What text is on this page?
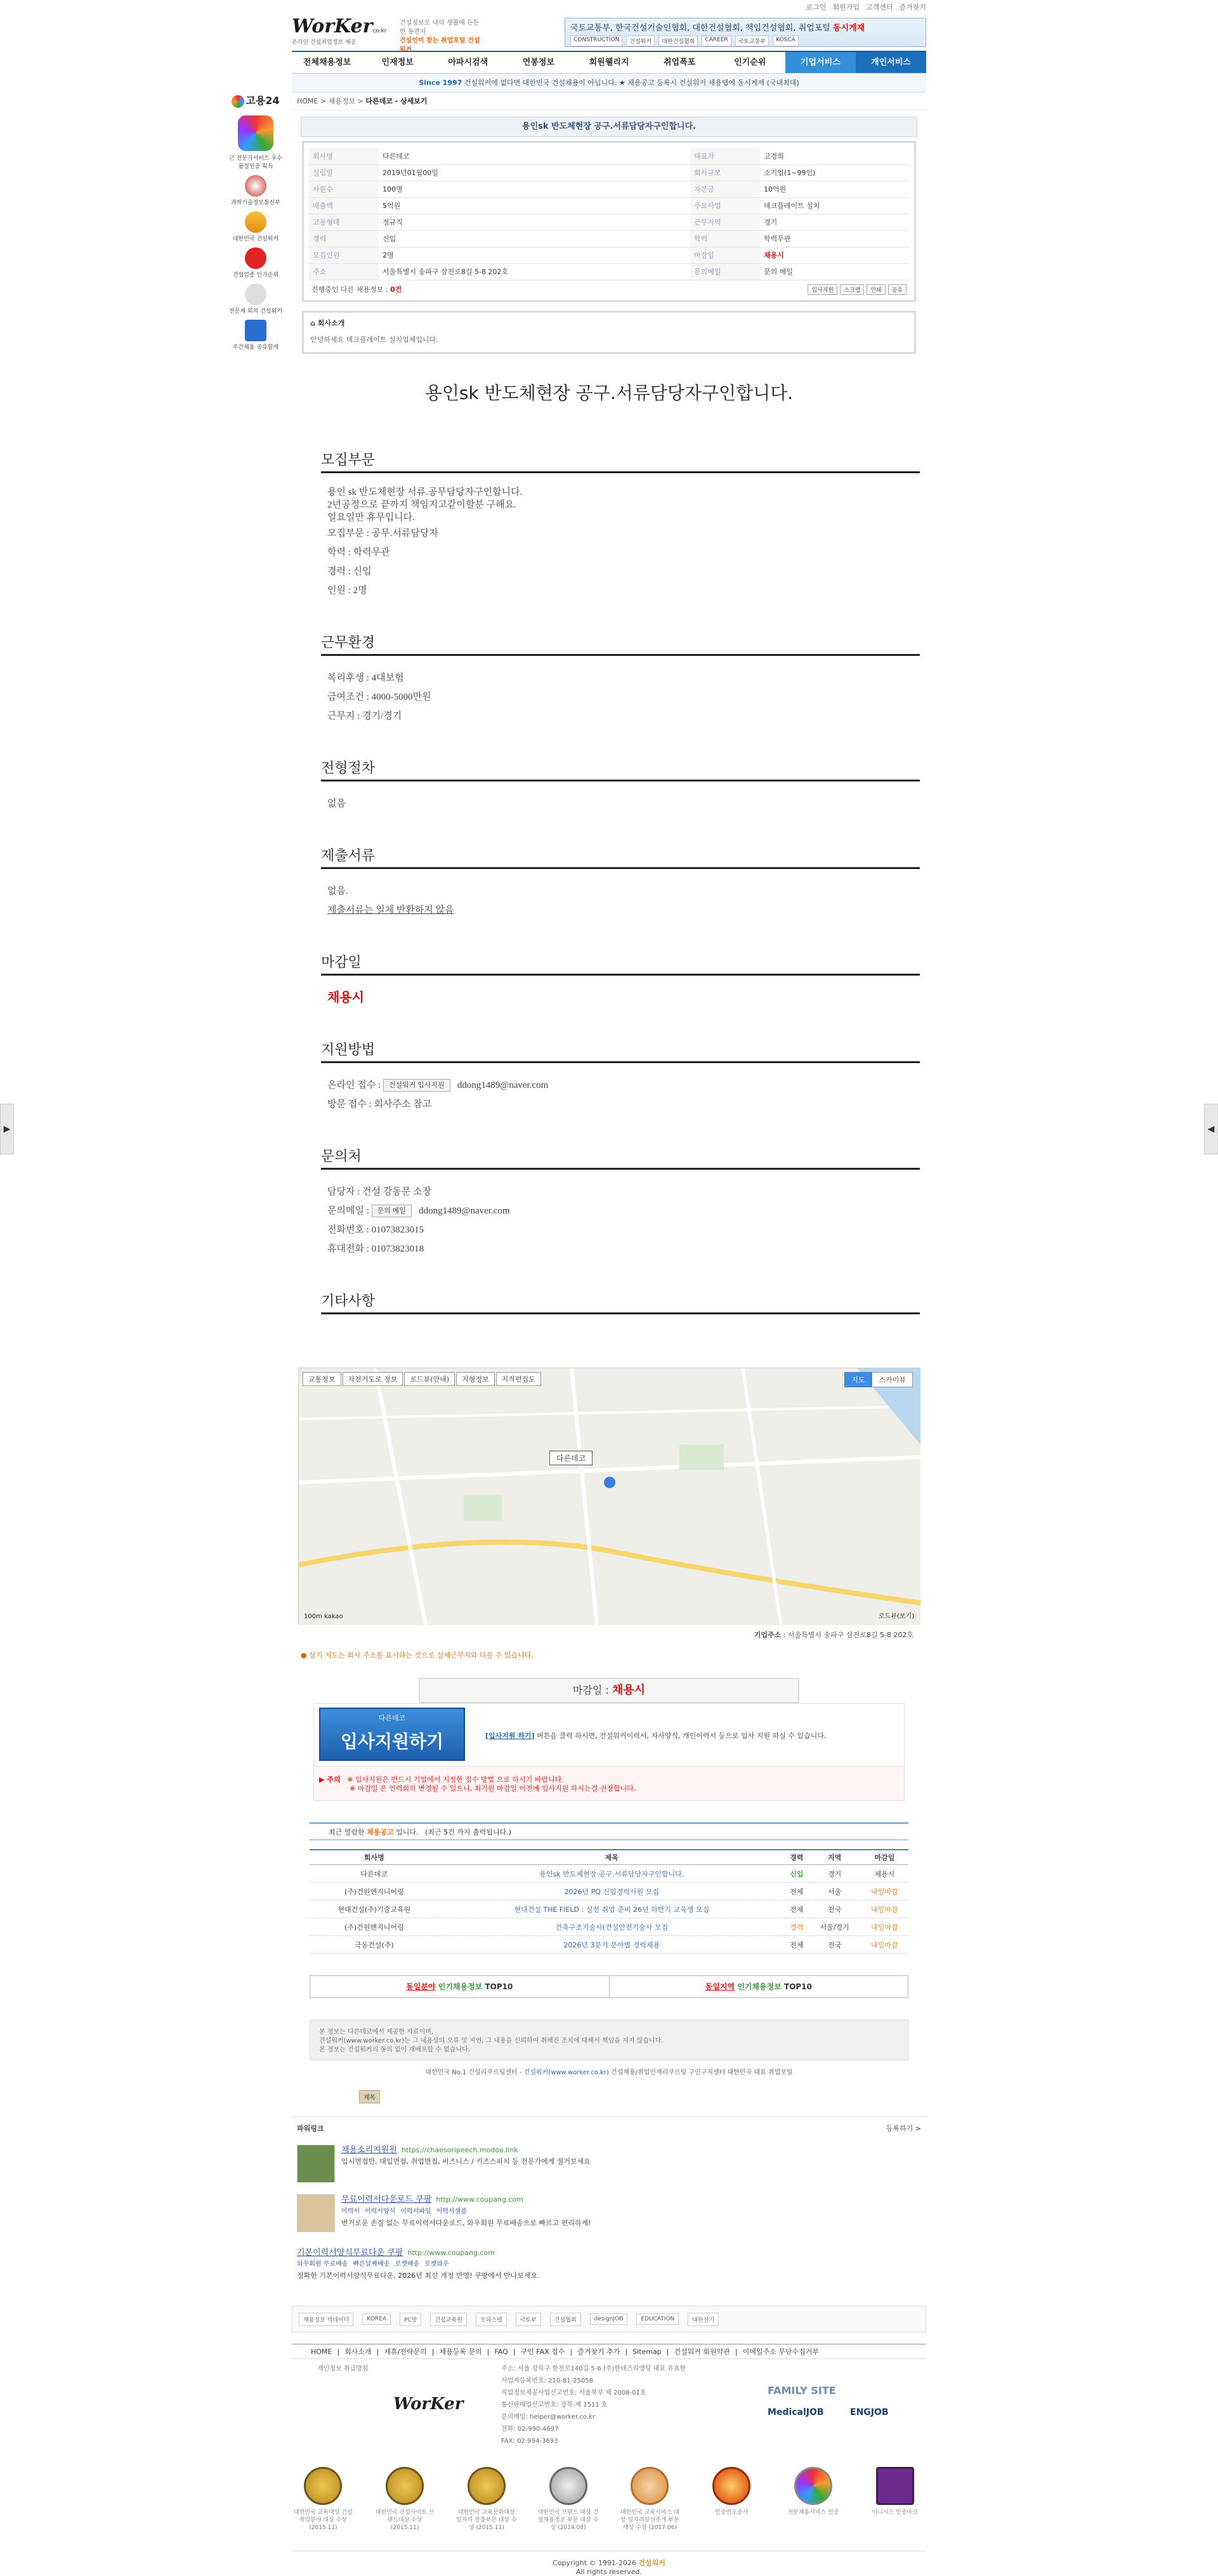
고용24
근 전문가서비스 우수품질인증 획득
과학기술정보통신부
대한민국 건설워커
건설업종 인가순위
전문제 외의 건설워커
주간채용 공유할게
▶	◀
로그인 회원가입 고객센터 즐겨찾기
WorKerco.kr
온라인 건설취업정보 제공
건설정보로 나의 생활에 든든한 동반자
건설인이 찾는 취업포털 건설워커
국토교통부, 한국건설기술인협회, 대한건설협회, 책임건설협회, 취업포털 동시게재
CONSTRUCTION	건설워커	대한건설협회	CAREER	국토교통부	KOSCA
전체채용정보	인재정보	아파시검색	연봉정보	회원웰리지	취업폭포	인기순위	기업서비스	개인서비스
Since 1997 건설워커에 없다면 대한민국 건설채용이 아닙니다. ★ 채용공고 등록시 건설워커 채용탭에 동시게재 (국내최대)
HOME > 채용정보 > 다른데코 - 상세보기
용인sk 반도체현장 공구.서류담당자구인합니다.
회사명	다른데코	대표자	고경희
설립일	2019년01월00일	회사규모	소기업(1~99인)
사원수	100명	자본금	10억원
매출액	5억원	주요사업	데크플레이트 설치
고용형태	정규직	근무지역	경기
경력	신입	학력	학력무관
모집인원	2명	마감일	채용시
주소	서울특별시 송파구 삼전로8길 5-8 202호	문의메일	문의 메일
진행중인 다른 채용정보 : 0건	입사지원	스크랩	인쇄	공유
⌂ 회사소개
안녕하세요 데크플레이트 설치업체입니다.
용인sk 반도체현장 공구.서류담당자구인합니다.
모집부문
용인 sk 반도체현장 서류.공무담당자구인합니다.
2년공정으로 끝까지 책임지고같이할분 구해요.
일요일만 휴무입니다.
모집부문 : 공무.서류담당자
학력 : 학력무관
경력 : 신입
인원 : 2명
근무환경
복리후생 : 4대보험
급여조건 : 4000-5000만원
근무지 : 경기/경기
전형절차
없음
제출서류
없음.
제출서류는 일체 반환하지 않음
마감일
채용시
지원방법
온라인 접수 : 건설워커 입사지원 ddong1489@naver.com
방문 접수 : 회사주소 참고
문의처
담당자 : 건설 강동문 소장
문의메일 : 문의 메일 ddong1489@naver.com
전화번호 : 01073823015
휴대전화 : 01073823018
기타사항
교통정보	자전거도로 정보	로드뷰(안내)	지형정보	지적편집도	지도	스카이뷰
다른데코
100m kakao	로드뷰(보기)
기업주소 : 서울특별시 송파구 삼전로8길 5-8 202호
● 상기 지도는 회사 주소를 표시하는 것으로 실제근무지와 다를 수 있습니다.
마감일 : 채용시
다른데코
입사지원하기	[입사지원 하기] 버튼을 클릭 하시면, 건설워커이력서, 자사양식, 개인이력서 등으로 입사 지원 하실 수 있습니다.
▶ 주의 ※ 입사지원은 반드시 기업에서 지정한 접수 방법 으로 하시기 바랍니다.
※ 마감일 은 인력회의 변경될 수 있으니, 최기원 마감일 이전에 입사지원 하시는걸 권장합니다.
최근 열람한 채용공고 입니다. (최근 5건 까지 출력됩니다.)
회사명	제목	경력	지역	마감일
다른데코	용인sk 반도체현장 공구.서류담당자구인합니다.	신입	경기	채용시
(주)건원엔지니어링	2026년 PQ 신입경력사원 모집	전체	서울	내일마감
현대건설(주)기술교육원	현대건설 THE FIELD : 실전 취업 준비 26년 하반기 교육생 모집	전체	전국	내일마감
(주)건원엔지니어링	건축구조기술사(건설안전기술사 모집	경력	서울/경기	내일마감
극동건설(주)	2026년 3분기 분야별 경력채용	전체	전국	내일마감
동일분야 인기채용정보 TOP10	동일지역 인기채용정보 TOP10
본 정보는 다른데코에서 제공한 자료이며,
건설워커(www.worker.co.kr)는 그 내용상의 오류 및 지연, 그 내용을 신뢰하여 취해진 조치에 대해서 책임을 지지 않습니다.
본 정보는 건설워커의 동의 없이 재배포할 수 없습니다.
대한민국 No.1 건설리쿠르팅센터 - 건설워커(www.worker.co.kr) 건설채용/취업인재리쿠르팅 구인구직센터 대한민국 대표 취업포털
제목
파워링크	등록하기 >
채용소리지원원 https://chaesoripeech.modoo.link
입시면접반, 대입면접, 취업면접, 비즈니스 / 키즈스피치 등 전문가에게 절거보세요
무료이력서다운로드 쿠팡 http://www.coupang.com
이력서 이력서양식 이력서파일 이력서샘플
번거로운 손질 없는 무료이력서다운로드, 와우회원 무료배송으로 빠르고 편리하게!
기본이력서양식무료다운 쿠팡 http://www.coupang.com
와우회원 무료배송 빠른날짜배송 로켓배송 로켓와우
정확한 기본이력서양식무료다운, 2026년 최신 개정 반영! 쿠팡에서 만나보세요.
채용정보 빅데이터	KOREA	PC방	건설교육원	오피스텔	국토부	건설협회	designJOB	EDUCATION	대한전기
HOME | 회사소개 | 제휴/전략문의 | 채용등록 문의 | FAQ | 구인 FAX 접수 | 즐겨찾기 추가 | Sitemap | 건설워커 회원약관 | 이메일주소 무단수집거부
개인정보 취급방침
WorKer
주소: 서울 강북구 한천로140길 5-6 (주)한테즈리앵팅 대표 유효한
사업자등록번호: 210-81-25058
직업정보제공사업신고번호: 서울북부 제 2008-01호
통신판매업신고번호: 강북-제 1511 호
문의메일: helper@worker.co.kr
전화: 02-990-4697
FAX: 02-994-3693
FAMILY SITE
MedicalJOB	ENGJOB
대한민국 교육대상 건설취업분야 대상 수상 (2015.11)
대한민국 건설사이트 브랜드대상 수상 (2015.11)
대한민국 교육문화대상 일자리 창출부문 대상 수상 (2015.11)
대한민국 브랜드 대상 건설채용정보 부문 대상 수상 (2014.08)
대한민국 교육서비스 대상 일자리알선중개 부문 대상 수상 (2017.06)
인증번호증서	전문채용서비스 인증	이니시스 인증마크
Copyright © 1991-2026 건설워커
All rights reserved.
